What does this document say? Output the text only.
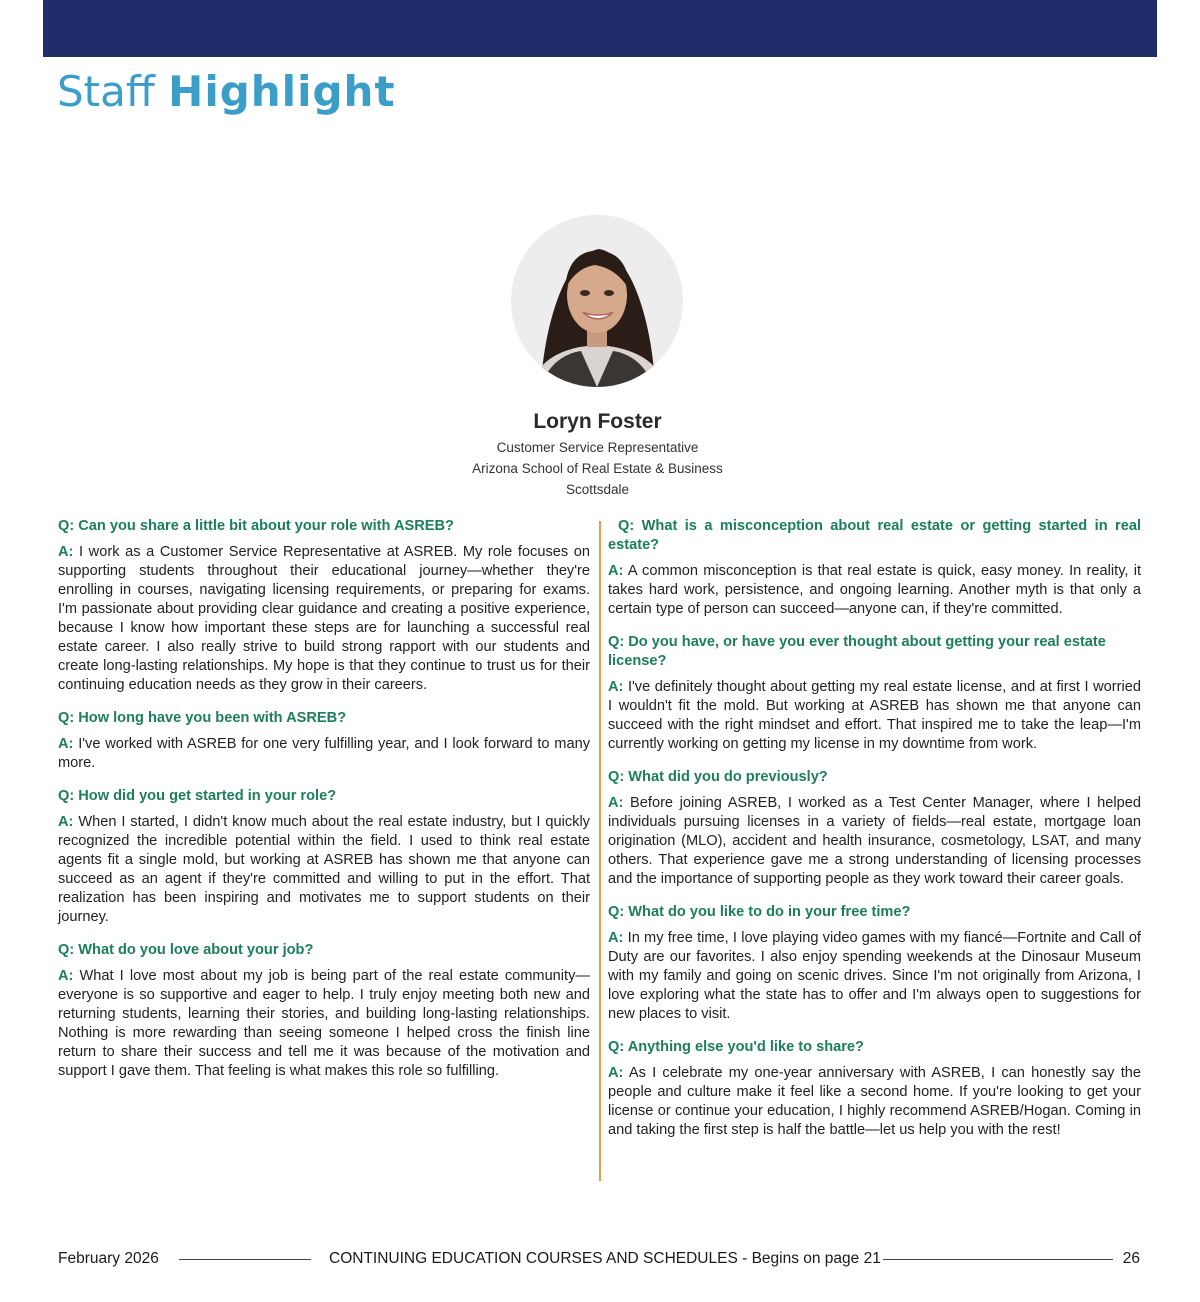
Staff Highlight
Loryn Foster
Customer Service Representative
Arizona School of Real Estate & Business
Scottsdale

Q: Can you share a little bit about your role with ASREB?

A: I work as a Customer Service Representative at ASREB. My role focuses on supporting students throughout their educational journey—whether they're enrolling in courses, navigating licensing requirements, or preparing for exams. I'm passionate about providing clear guidance and creating a positive experience, because I know how important these steps are for launching a successful real estate career. I also really strive to build strong rapport with our students and create long-lasting relationships. My hope is that they continue to trust us for their continuing education needs as they grow in their careers.

Q: How long have you been with ASREB?

A: I've worked with ASREB for one very fulfilling year, and I look forward to many more.

Q: How did you get started in your role?

A: When I started, I didn't know much about the real estate industry, but I quickly recognized the incredible potential within the field. I used to think real estate agents fit a single mold, but working at ASREB has shown me that anyone can succeed as an agent if they're committed and willing to put in the effort. That realization has been inspiring and motivates me to support students on their journey.

Q: What do you love about your job?

A: What I love most about my job is being part of the real estate community—everyone is so supportive and eager to help. I truly enjoy meeting both new and returning students, learning their stories, and building long-lasting relationships. Nothing is more rewarding than seeing someone I helped cross the finish line return to share their success and tell me it was because of the motivation and support I gave them. That feeling is what makes this role so fulfilling.

Q: What is a misconception about real estate or getting started in real estate?

A: A common misconception is that real estate is quick, easy money. In reality, it takes hard work, persistence, and ongoing learning. Another myth is that only a certain type of person can succeed—anyone can, if they're committed.

Q: Do you have, or have you ever thought about getting your real estate license?

A: I've definitely thought about getting my real estate license, and at first I worried I wouldn't fit the mold. But working at ASREB has shown me that anyone can succeed with the right mindset and effort. That inspired me to take the leap—I'm currently working on getting my license in my downtime from work.

Q: What did you do previously?

A: Before joining ASREB, I worked as a Test Center Manager, where I helped individuals pursuing licenses in a variety of fields—real estate, mortgage loan origination (MLO), accident and health insurance, cosmetology, LSAT, and many others. That experience gave me a strong understanding of licensing processes and the importance of supporting people as they work toward their career goals.

Q: What do you like to do in your free time?

A: In my free time, I love playing video games with my fiancé—Fortnite and Call of Duty are our favorites. I also enjoy spending weekends at the Dinosaur Museum with my family and going on scenic drives. Since I'm not originally from Arizona, I love exploring what the state has to offer and I'm always open to suggestions for new places to visit.

Q: Anything else you'd like to share?

A: As I celebrate my one-year anniversary with ASREB, I can honestly say the people and culture make it feel like a second home. If you're looking to get your license or continue your education, I highly recommend ASREB/Hogan. Coming in and taking the first step is half the battle—let us help you with the rest!

February 2026	CONTINUING EDUCATION COURSES AND SCHEDULES - Begins on page 21	26
